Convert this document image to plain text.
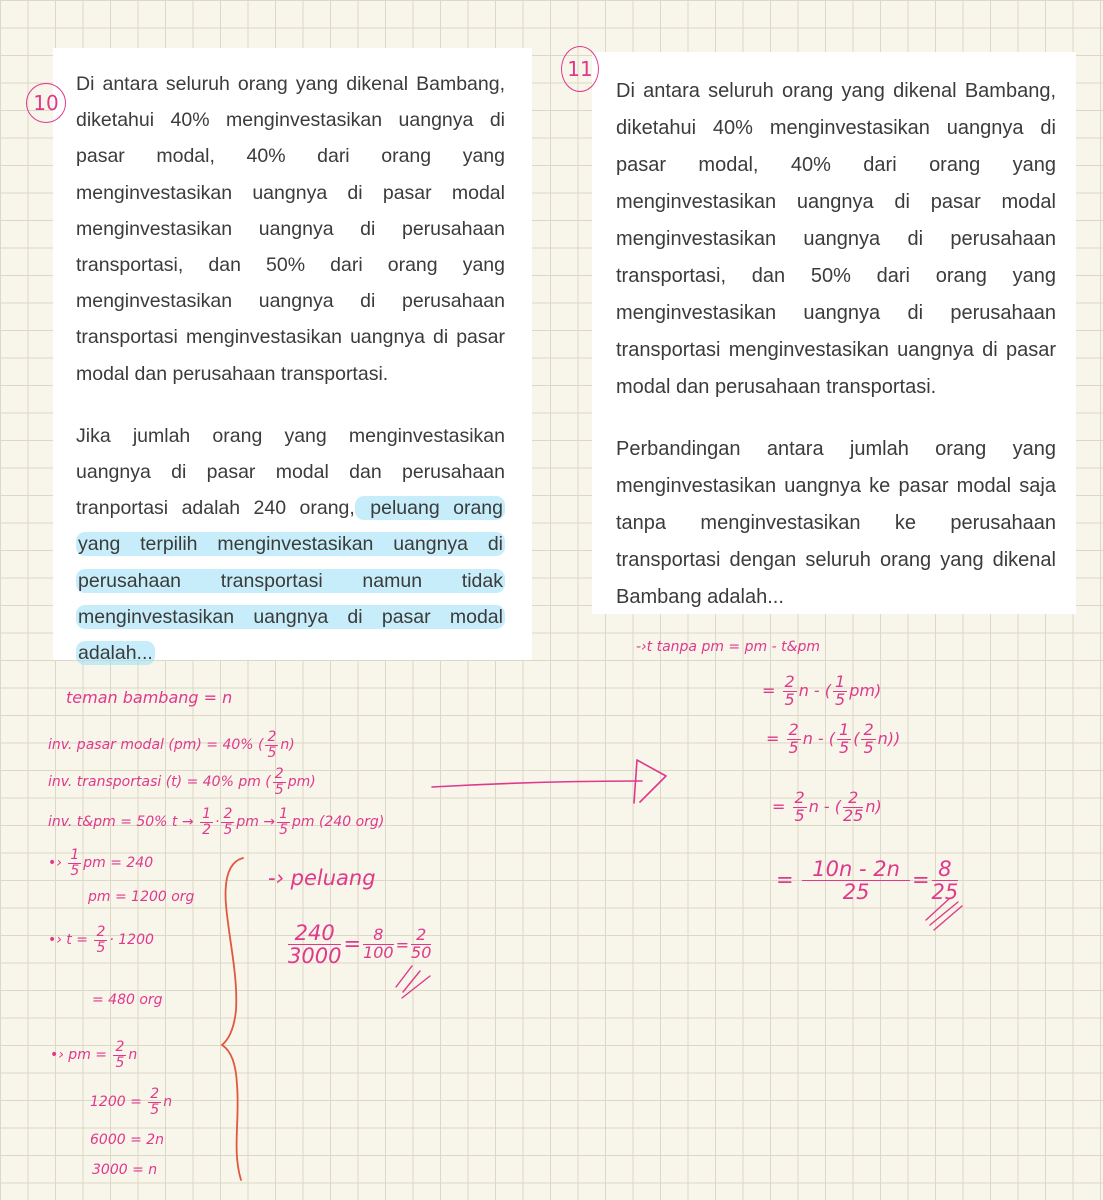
Di antara seluruh orang yang dikenal Bambang, diketahui 40% menginvestasikan uangnya di pasar modal, 40% dari orang yang menginvestasikan uangnya di pasar modal menginvestasikan uangnya di perusahaan transportasi, dan 50% dari orang yang menginvestasikan uangnya di perusahaan transportasi menginvestasikan uangnya di pasar modal dan perusahaan transportasi.

Jika jumlah orang yang menginvestasikan uangnya di pasar modal dan perusahaan tranportasi adalah 240 orang, peluang orang yang terpilih menginvestasikan uangnya di perusahaan transportasi namun tidak menginvestasikan uangnya di pasar modal adalah...

Di antara seluruh orang yang dikenal Bambang, diketahui 40% menginvestasikan uangnya di pasar modal, 40% dari orang yang menginvestasikan uangnya di pasar modal menginvestasikan uangnya di perusahaan transportasi, dan 50% dari orang yang menginvestasikan uangnya di perusahaan transportasi menginvestasikan uangnya di pasar modal dan perusahaan transportasi.

Perbandingan antara jumlah orang yang menginvestasikan uangnya ke pasar modal saja tanpa menginvestasikan ke perusahaan transportasi dengan seluruh orang yang dikenal Bambang adalah...

10
11
teman bambang = n
inv. pasar modal (pm) = 40% ( $\frac{2}{5} n$)
inv. transportasi (t) = 40% pm ( $\frac{2}{5} pm$)
inv. t&pm = 50% $t \to \frac{1}{2} \cdot \frac{2}{5}$ pm → $\frac{1}{5}$ pm (240 org)
•› $\frac{1}{5}$ pm = 240
pm = 1200 org
•› $t = \frac{2}{5} \cdot 1200$
= 480 org
•› pm = $\frac{2}{5}$ n
$1200 = \frac{2}{5}$ n
6000 = 2n
3000 = n
-› peluang
$\frac{240}{3000} = \frac{8}{100} = \frac{2}{50}$
-›t tanpa pm = pm - t&pm
= $\frac{2}{5}$ n - ( $\frac{1}{5} pm$)
= $\frac{2}{5}$ n - ( $\frac{1}{5}$ ( $\frac{2}{5} n$))
= $\frac{2}{5}$ n - ( $\frac{2}{25} n$)
= $\frac{10n - 2n}{25} = \frac{8}{25}$
